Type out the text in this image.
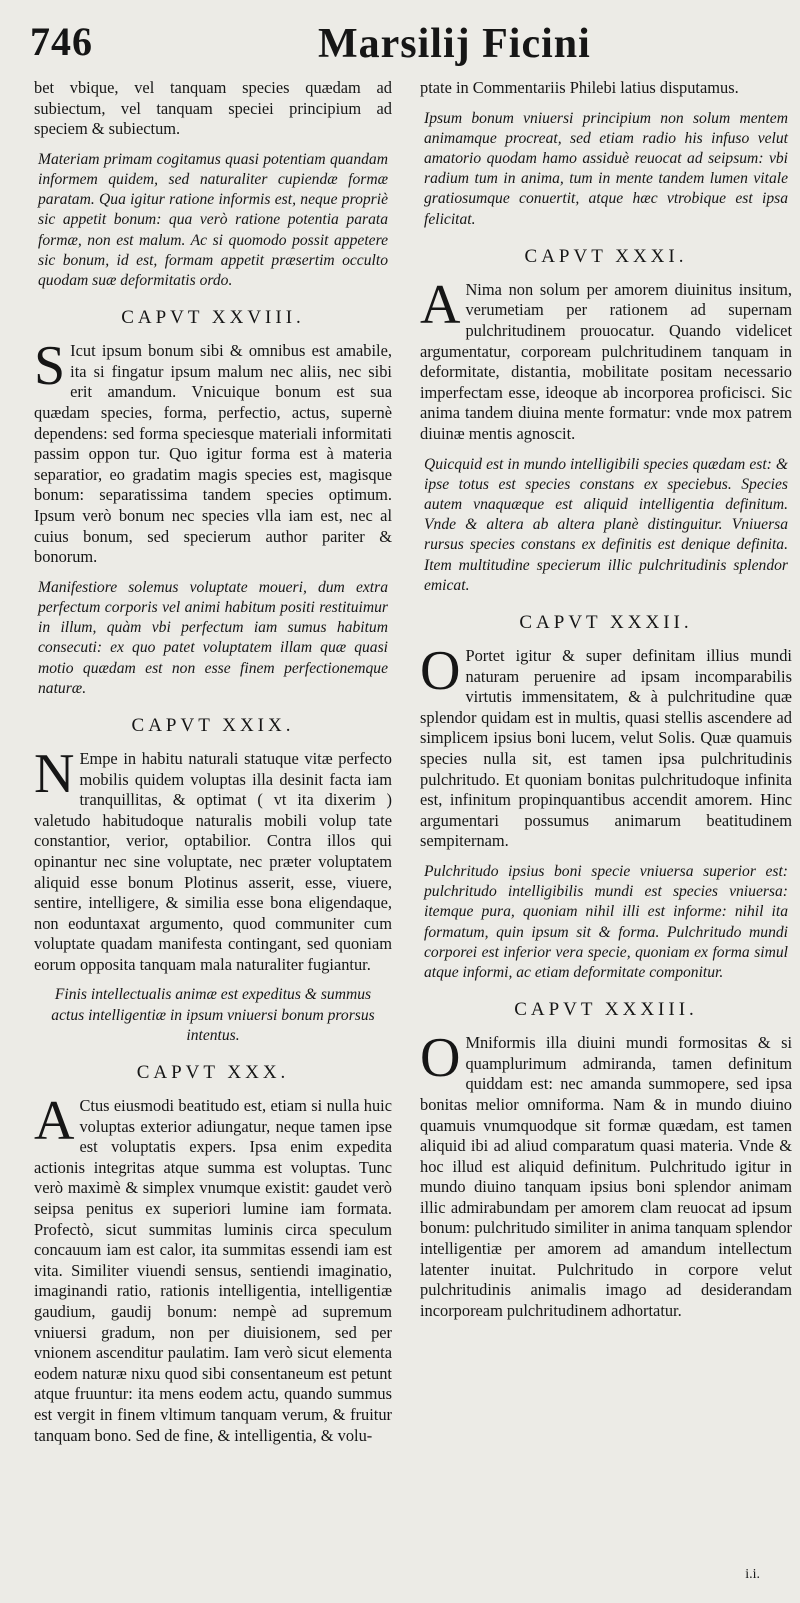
746	Marsilij Ficini

bet vbique, vel tanquam species quædam ad subiectum, vel tanquam speciei principium ad speciem & subiectum.

Materiam primam cogitamus quasi potentiam quandam informem quidem, sed naturaliter cupiendæ formæ paratam. Qua igitur ratione informis est, neque propriè sic appetit bonum: qua verò ratione potentia parata formæ, non est malum. Ac si quomodo possit appetere sic bonum, id est, formam appetit præsertim occulto quodam suæ deformitatis ordo.

CAPVT XXVIII.

S Icut ipsum bonum sibi & omnibus est amabile, ita si fingatur ipsum malum nec aliis, nec sibi erit amandum. Vnicuique bonum est sua quædam species, forma, perfectio, actus, supernè dependens: sed forma speciesque materiali informitati passim oppon tur. Quo igitur forma est à materia separatior, eo gradatim magis species est, magisque bonum: separatissima tandem species optimum. Ipsum verò bonum nec species vlla iam est, nec al cuius bonum, sed specierum author pariter & bonorum.

Manifestiore solemus voluptate moueri, dum extra perfectum corporis vel animi habitum positi restituimur in illum, quàm vbi perfectum iam sumus habitum consecuti: ex quo patet voluptatem illam quæ quasi motio quædam est non esse finem perfectionemque naturæ.

CAPVT XXIX.

N Empe in habitu naturali statuque vitæ perfecto mobilis quidem voluptas illa desinit facta iam tranquillitas, & optimat ( vt ita dixerim ) valetudo habitudoque naturalis mobili volup tate constantior, verior, optabilior. Contra illos qui opinantur nec sine voluptate, nec præter voluptatem aliquid esse bonum Plotinus asserit, esse, viuere, sentire, intelligere, & similia esse bona eligendaque, non eoduntaxat argumento, quod communiter cum voluptate quadam manifesta contingant, sed quoniam eorum opposita tanquam mala naturaliter fugiantur.

Finis intellectualis animæ est expeditus & summus actus intelligentiæ in ipsum vniuersi bonum prorsus intentus.

CAPVT XXX.

A Ctus eiusmodi beatitudo est, etiam si nulla huic voluptas exterior adiungatur, neque tamen ipse est voluptatis expers. Ipsa enim expedita actionis integritas atque summa est voluptas. Tunc verò maximè & simplex vnumque existit: gaudet verò seipsa penitus ex superiori lumine iam formata. Profectò, sicut summitas luminis circa speculum concauum iam est calor, ita summitas essendi iam est vita. Similiter viuendi sensus, sentiendi imaginatio, imaginandi ratio, rationis intelligentia, intelligentiæ gaudium, gaudij bonum: nempè ad supremum vniuersi gradum, non per diuisionem, sed per vnionem ascenditur paulatim. Iam verò sicut elementa eodem naturæ nixu quod sibi consentaneum est petunt atque fruuntur: ita mens eodem actu, quando summus est vergit in finem vltimum tanquam verum, & fruitur tanquam bono. Sed de fine, & intelligentia, & volu-

ptate in Commentariis Philebi latius disputamus.

Ipsum bonum vniuersi principium non solum mentem animamque procreat, sed etiam radio his infuso velut amatorio quodam hamo assiduè reuocat ad seipsum: vbi radium tum in anima, tum in mente tandem lumen vitale gratiosumque conuertit, atque hæc vtrobique est ipsa felicitat.

CAPVT XXXI.

A Nima non solum per amorem diuinitus insitum, verumetiam per rationem ad supernam pulchritudinem prouocatur. Quando videlicet argumentatur, corpoream pulchritudinem tanquam in deformitate, distantia, mobilitate positam necessario imperfectam esse, ideoque ab incorporea proficisci. Sic anima tandem diuina mente formatur: vnde mox patrem diuinæ mentis agnoscit.

Quicquid est in mundo intelligibili species quædam est: & ipse totus est species constans ex speciebus. Species autem vnaquæque est aliquid intelligentia definitum. Vnde & altera ab altera planè distinguitur. Vniuersa rursus species constans ex definitis est denique definita. Item multitudine specierum illic pulchritudinis splendor emicat.

CAPVT XXXII.

O Portet igitur & super definitam illius mundi naturam peruenire ad ipsam incomparabilis virtutis immensitatem, & à pulchritudine quæ splendor quidam est in multis, quasi stellis ascendere ad simplicem ipsius boni lucem, velut Solis. Quæ quamuis species nulla sit, est tamen ipsa pulchritudinis pulchritudo. Et quoniam bonitas pulchritudoque infinita est, infinitum propinquantibus accendit amorem. Hinc argumentari possumus animarum beatitudinem sempiternam.

Pulchritudo ipsius boni specie vniuersa superior est: pulchritudo intelligibilis mundi est species vniuersa: itemque pura, quoniam nihil illi est informe: nihil ita formatum, quin ipsum sit & forma. Pulchritudo mundi corporei est inferior vera specie, quoniam ex forma simul atque informi, ac etiam deformitate componitur.

CAPVT XXXIII.

O Mniformis illa diuini mundi formositas & si quamplurimum admiranda, tamen definitum quiddam est: nec amanda summopere, sed ipsa bonitas melior omniforma. Nam & in mundo diuino quamuis vnumquodque sit formæ quædam, est tamen aliquid ibi ad aliud comparatum quasi materia. Vnde & hoc illud est aliquid definitum. Pulchritudo igitur in mundo diuino tanquam ipsius boni splendor animam illic admirabundam per amorem clam reuocat ad ipsum bonum: pulchritudo similiter in anima tanquam splendor intelligentiæ per amorem ad amandum intellectum latenter inuitat. Pulchritudo in corpore velut pulchritudinis animalis imago ad desiderandam incorpoream pulchritudinem adhortatur.

i.i.
